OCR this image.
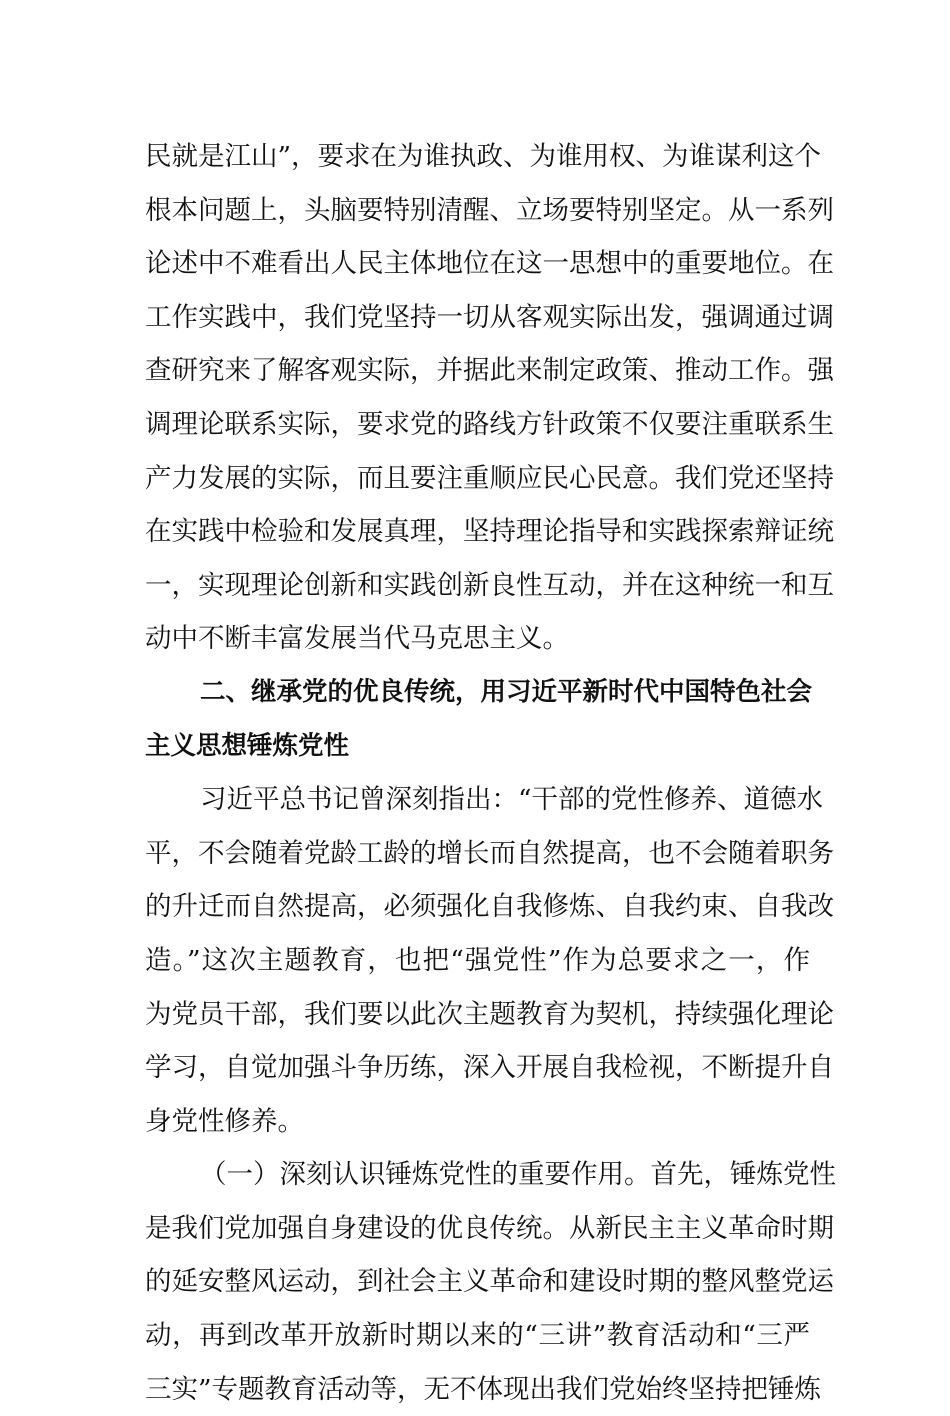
民就是江山”，要求在为谁执政、为谁用权、为谁谋利这个
根本问题上，头脑要特别清醒、立场要特别坚定。从一系列
论述中不难看出人民主体地位在这一思想中的重要地位。在
工作实践中，我们党坚持一切从客观实际出发，强调通过调
查研究来了解客观实际，并据此来制定政策、推动工作。强
调理论联系实际，要求党的路线方针政策不仅要注重联系生
产力发展的实际，而且要注重顺应民心民意。我们党还坚持
在实践中检验和发展真理，坚持理论指导和实践探索辩证统
一，实现理论创新和实践创新良性互动，并在这种统一和互
动中不断丰富发展当代马克思主义。
二、继承党的优良传统，用习近平新时代中国特色社会
主义思想锤炼党性
习近平总书记曾深刻指出：“干部的党性修养、道德水
平，不会随着党龄工龄的增长而自然提高，也不会随着职务
的升迁而自然提高，必须强化自我修炼、自我约束、自我改
造。”这次主题教育，也把“强党性”作为总要求之一，作
为党员干部，我们要以此次主题教育为契机，持续强化理论
学习，自觉加强斗争历练，深入开展自我检视，不断提升自
身党性修养。
（一）深刻认识锤炼党性的重要作用。首先，锤炼党性
是我们党加强自身建设的优良传统。从新民主主义革命时期
的延安整风运动，到社会主义革命和建设时期的整风整党运
动，再到改革开放新时期以来的“三讲”教育活动和“三严
三实”专题教育活动等，无不体现出我们党始终坚持把锤炼
